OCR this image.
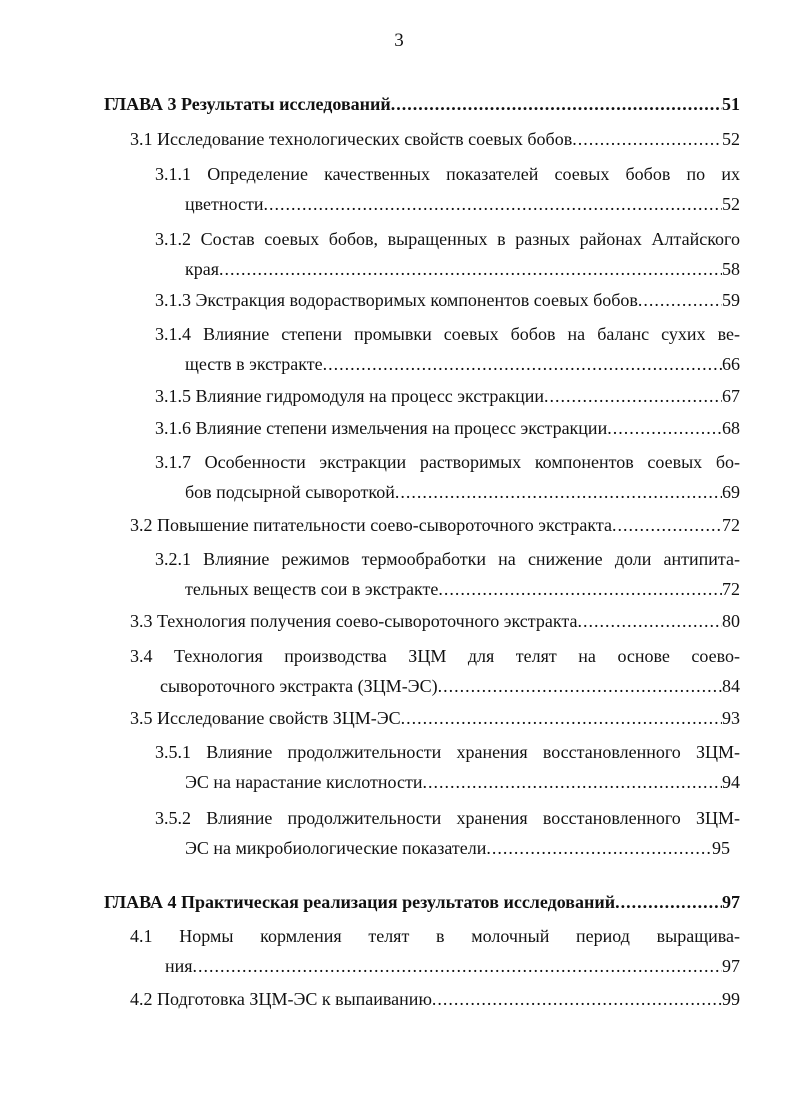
3
ГЛАВА 3 Результаты исследований .....	51
3.1 Исследование технологических свойств соевых бобов .....	52
3.1.1 Определение качественных показателей соевых бобов по их
цветности .....	52
3.1.2 Состав соевых бобов, выращенных в разных районах Алтайского
края .....	58
3.1.3 Экстракция водорастворимых компонентов соевых бобов .....	59
3.1.4 Влияние степени промывки соевых бобов на баланс сухих ве-
ществ в экстракте .....	66
3.1.5 Влияние гидромодуля на процесс экстракции .....	67
3.1.6 Влияние степени измельчения на процесс экстракции .....	68
3.1.7 Особенности экстракции растворимых компонентов соевых бо-
бов подсырной сывороткой .....	69
3.2 Повышение питательности соево-сывороточного экстракта .....	72
3.2.1 Влияние режимов термообработки на снижение доли антипита-
тельных веществ сои в экстракте .....	72
3.3 Технология получения соево-сывороточного экстракта .....	80
3.4 Технология производства ЗЦМ для телят на основе соево-
сывороточного экстракта (ЗЦМ-ЭС) .....	84
3.5 Исследование свойств ЗЦМ-ЭС .....	93
3.5.1 Влияние продолжительности хранения восстановленного ЗЦМ-
ЭС на нарастание кислотности .....	94
3.5.2 Влияние продолжительности хранения восстановленного ЗЦМ-
ЭС на микробиологические показатели .....	95
ГЛАВА 4 Практическая реализация результатов исследований .....	97
4.1 Нормы кормления телят в молочный период выращива-
ния .....	97
4.2 Подготовка ЗЦМ-ЭС к выпаиванию .....	99
